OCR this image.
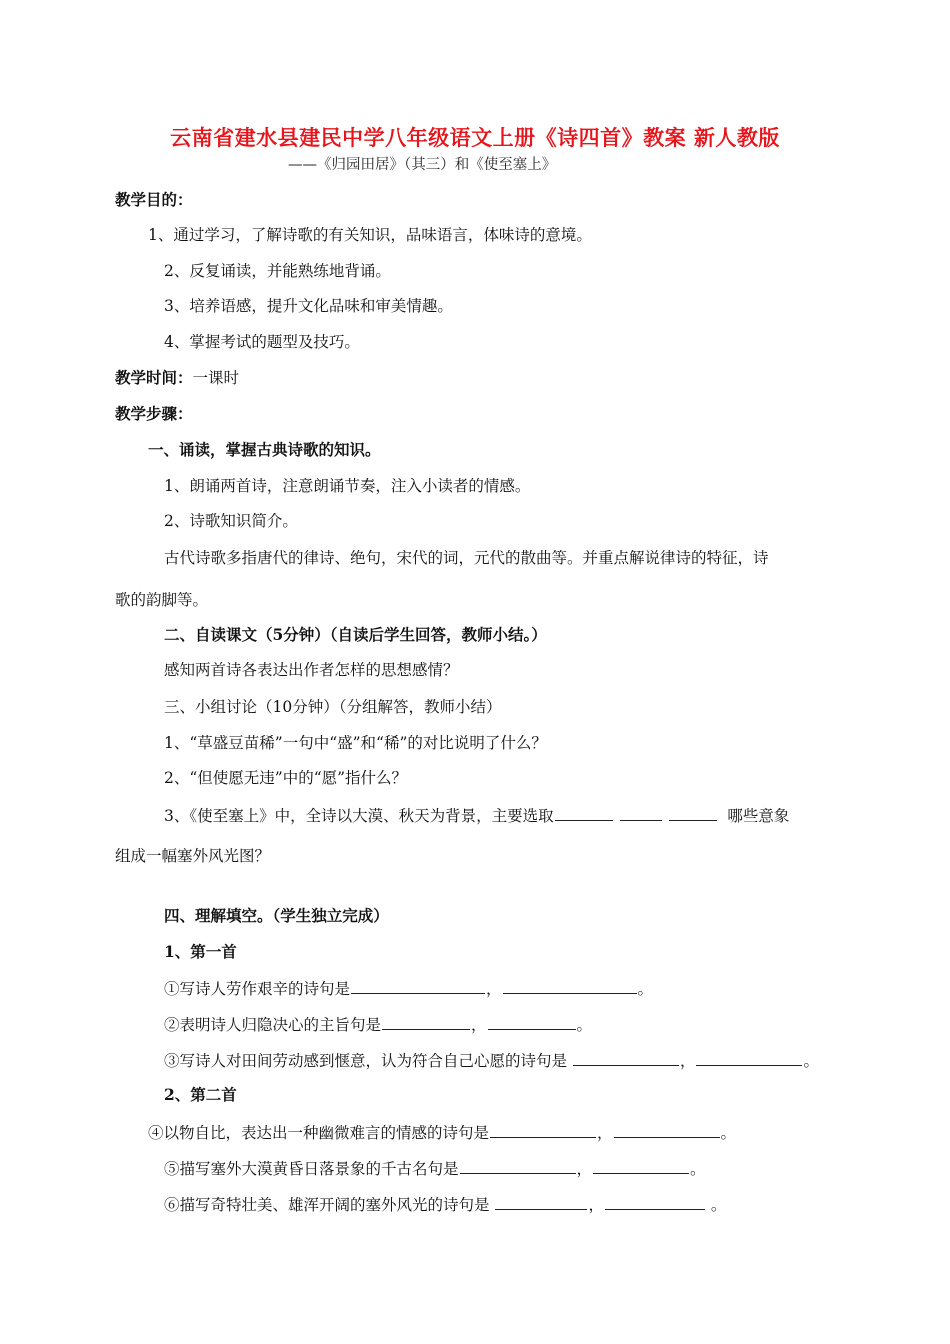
云南省建水县建民中学八年级语文上册《诗四首》教案 新人教版
——《归园田居》（其三）和《使至塞上》
教学目的：
1、通过学习，了解诗歌的有关知识，品味语言，体味诗的意境。
2、反复诵读，并能熟练地背诵。
3、培养语感，提升文化品味和审美情趣。
4、掌握考试的题型及技巧。
教学时间：一课时
教学步骤：
一、诵读，掌握古典诗歌的知识。
1、朗诵两首诗，注意朗诵节奏，注入小读者的情感。
2、诗歌知识简介。
古代诗歌多指唐代的律诗、绝句，宋代的词，元代的散曲等。并重点解说律诗的特征，诗
歌的韵脚等。
二、自读课文（5分钟）（自读后学生回答，教师小结。）
感知两首诗各表达出作者怎样的思想感情？
三、小组讨论（10分钟）（分组解答，教师小结）
1、“草盛豆苗稀”一句中“盛”和“稀”的对比说明了什么？
2、“但使愿无违”中的“愿”指什么？
3、《使至塞上》中，全诗以大漠、秋天为背景，主要选取	哪些意象
组成一幅塞外风光图？
四、理解填空。（学生独立完成）
1、第一首
①写诗人劳作艰辛的诗句是	，	。
②表明诗人归隐决心的主旨句是	，	。
③写诗人对田间劳动感到惬意，认为符合自己心愿的诗句是	，	。
2、第二首
④以物自比，表达出一种幽微难言的情感的诗句是	，	。
⑤描写塞外大漠黄昏日落景象的千古名句是	，	。
⑥描写奇特壮美、雄浑开阔的塞外风光的诗句是	，	。
